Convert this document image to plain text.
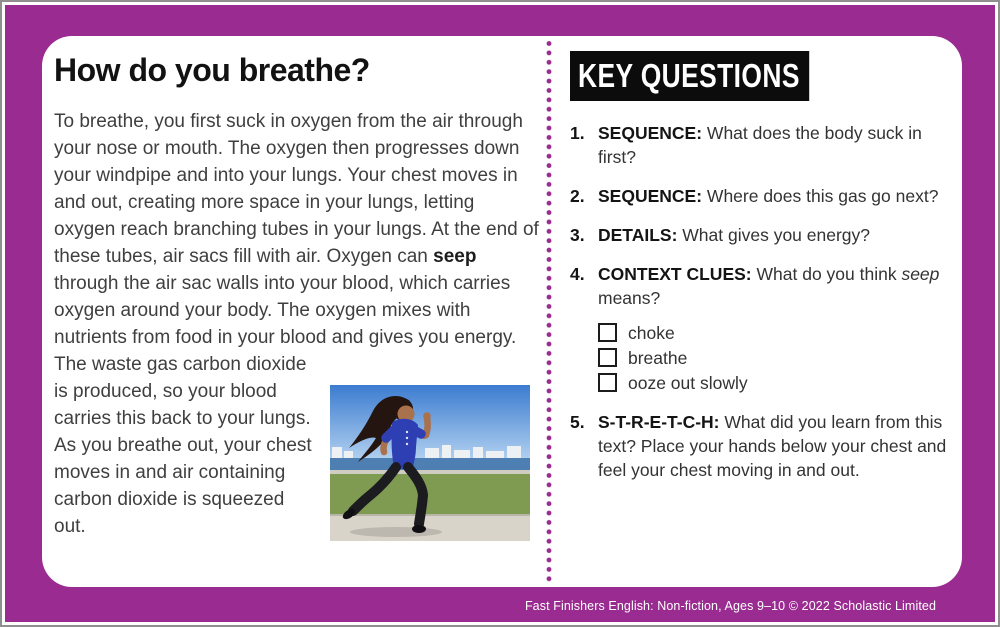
How do you breathe?

To breathe, you first suck in oxygen from the air through your nose or mouth. The oxygen then progresses down your windpipe and into your lungs. Your chest moves in and out, creating more space in your lungs, letting oxygen reach branching tubes in your lungs. At the end of these tubes, air sacs fill with air. Oxygen can seep through the air sac walls into your blood, which carries oxygen around your body. The oxygen mixes with nutrients from food in your blood and gives you energy. The waste gas carbon dioxide

is produced, so your blood carries this back to your lungs. As you breathe out, your chest moves in and air containing carbon dioxide is squeezed out.

KEY QUESTIONS
1. SEQUENCE: What does the body suck in first?
2. SEQUENCE: Where does this gas go next?
3. DETAILS: What gives you energy?
4. CONTEXT CLUES: What do you think seep means?
choke
breathe
ooze out slowly
5. S-T-R-E-T-C-H: What did you learn from this text? Place your hands below your chest and feel your chest moving in and out.
Fast Finishers English: Non-fiction, Ages 9–10 © 2022 Scholastic Limited
